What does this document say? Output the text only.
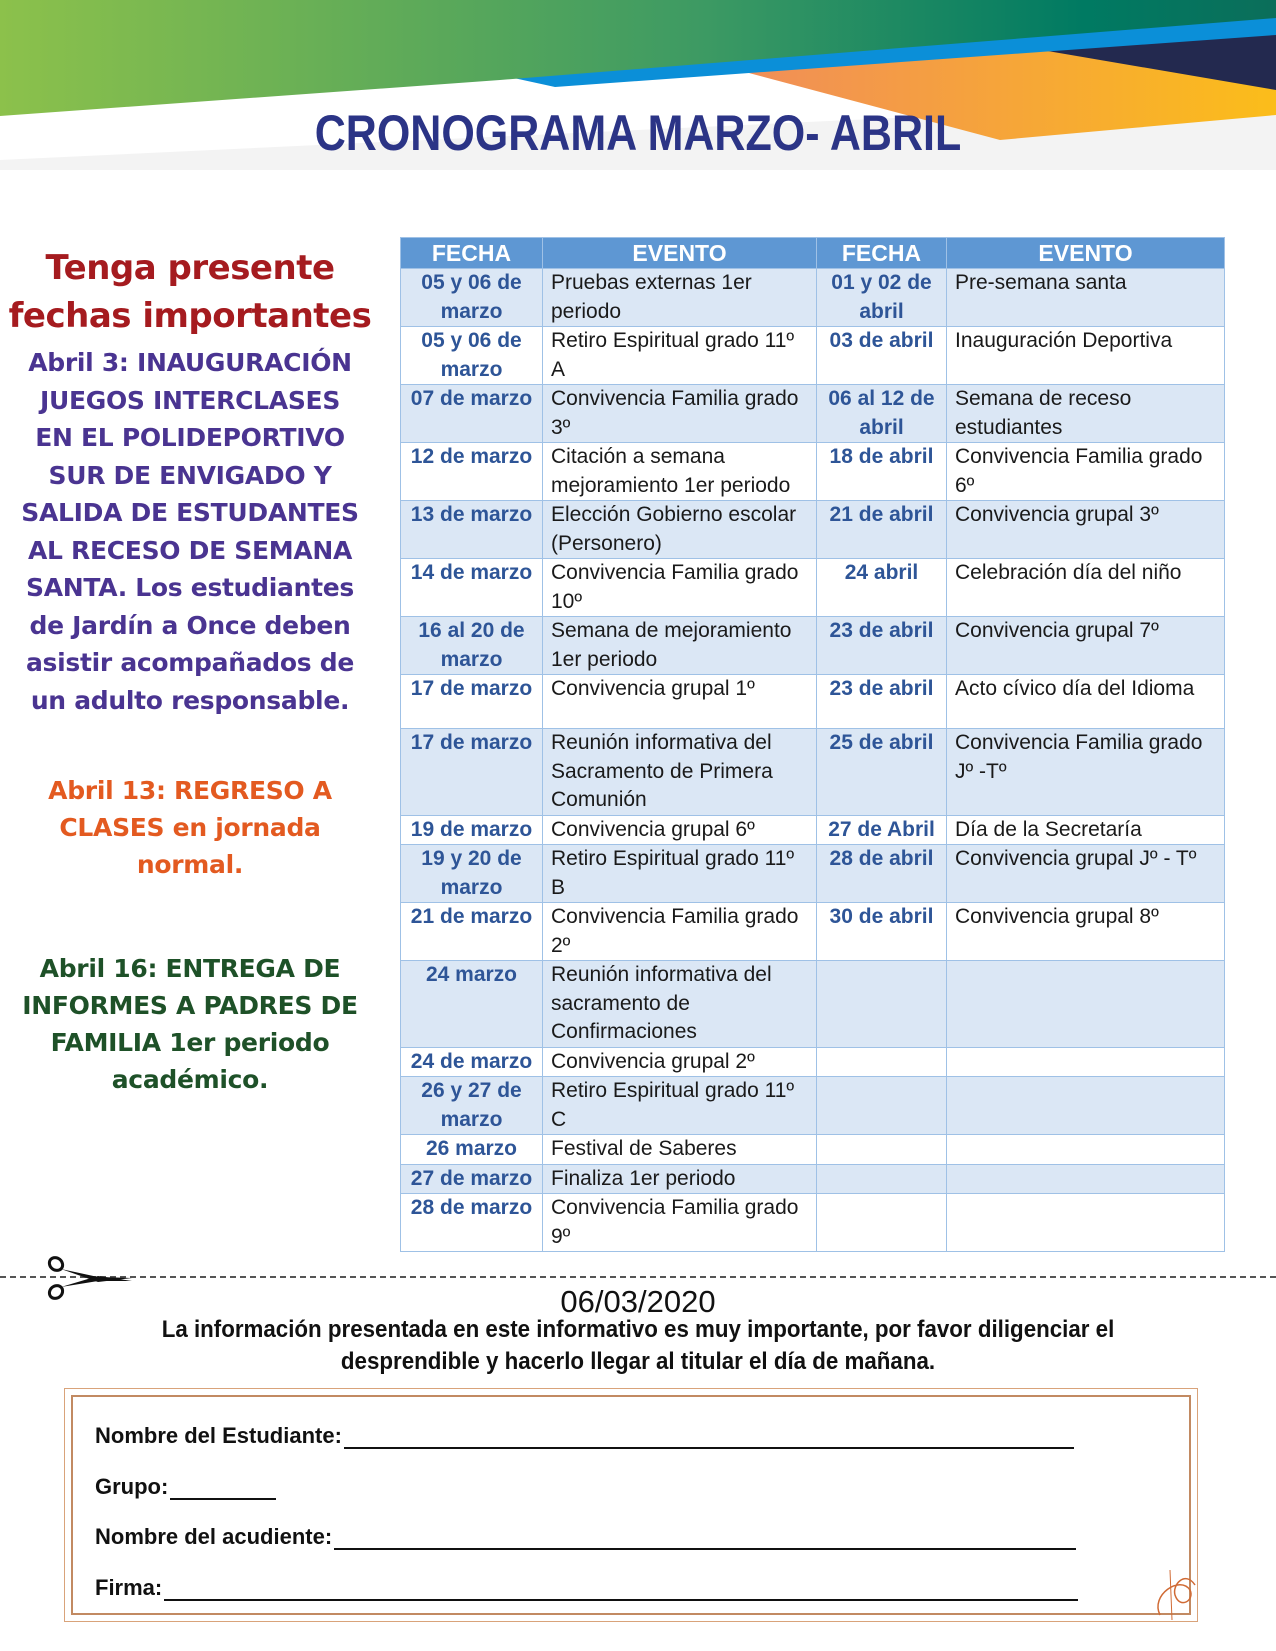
CRONOGRAMA MARZO- ABRIL
Tenga presente
fechas importantes
Abril 3: INAUGURACIÓN
JUEGOS INTERCLASES
EN EL POLIDEPORTIVO
SUR DE ENVIGADO Y
SALIDA DE ESTUDANTES
AL RECESO DE SEMANA
SANTA. Los estudiantes
de Jardín a Once deben
asistir acompañados de
un adulto responsable.
Abril 13: REGRESO A
CLASES en jornada
normal.
Abril 16: ENTREGA DE
INFORMES A PADRES DE
FAMILIA 1er periodo
académico.
FECHA	EVENTO	FECHA	EVENTO
05 y 06 de marzo	Pruebas externas 1er periodo	01 y 02 de abril	Pre-semana santa
05 y 06 de marzo	Retiro Espiritual grado 11º A	03 de abril	Inauguración Deportiva
07 de marzo	Convivencia Familia grado 3º	06 al 12 de abril	Semana de receso estudiantes
12 de marzo	Citación a semana mejoramiento 1er periodo	18 de abril	Convivencia Familia grado 6º
13 de marzo	Elección Gobierno escolar (Personero)	21 de abril	Convivencia grupal 3º
14 de marzo	Convivencia Familia grado 10º	24 abril	Celebración día del niño
16 al 20 de marzo	Semana de mejoramiento 1er periodo	23 de abril	Convivencia grupal 7º
17 de marzo	Convivencia grupal 1º	23 de abril	Acto cívico día del Idioma
17 de marzo	Reunión informativa del Sacramento de Primera Comunión	25 de abril	Convivencia Familia grado Jº -Tº
19 de marzo	Convivencia grupal 6º	27 de Abril	Día de la Secretaría
19 y 20 de marzo	Retiro Espiritual grado 11º B	28 de abril	Convivencia grupal Jº - Tº
21 de marzo	Convivencia Familia grado 2º	30 de abril	Convivencia grupal 8º
24 marzo	Reunión informativa del sacramento de Confirmaciones		
24 de marzo	Convivencia grupal 2º		
26 y 27 de marzo	Retiro Espiritual grado 11º C		
26 marzo	Festival de Saberes		
27 de marzo	Finaliza 1er periodo		
28 de marzo	Convivencia Familia grado 9º		
06/03/2020
La información presentada en este informativo es muy importante, por favor diligenciar el desprendible y hacerlo llegar al titular el día de mañana.
Nombre del Estudiante:
Grupo:
Nombre del acudiente:
Firma:
